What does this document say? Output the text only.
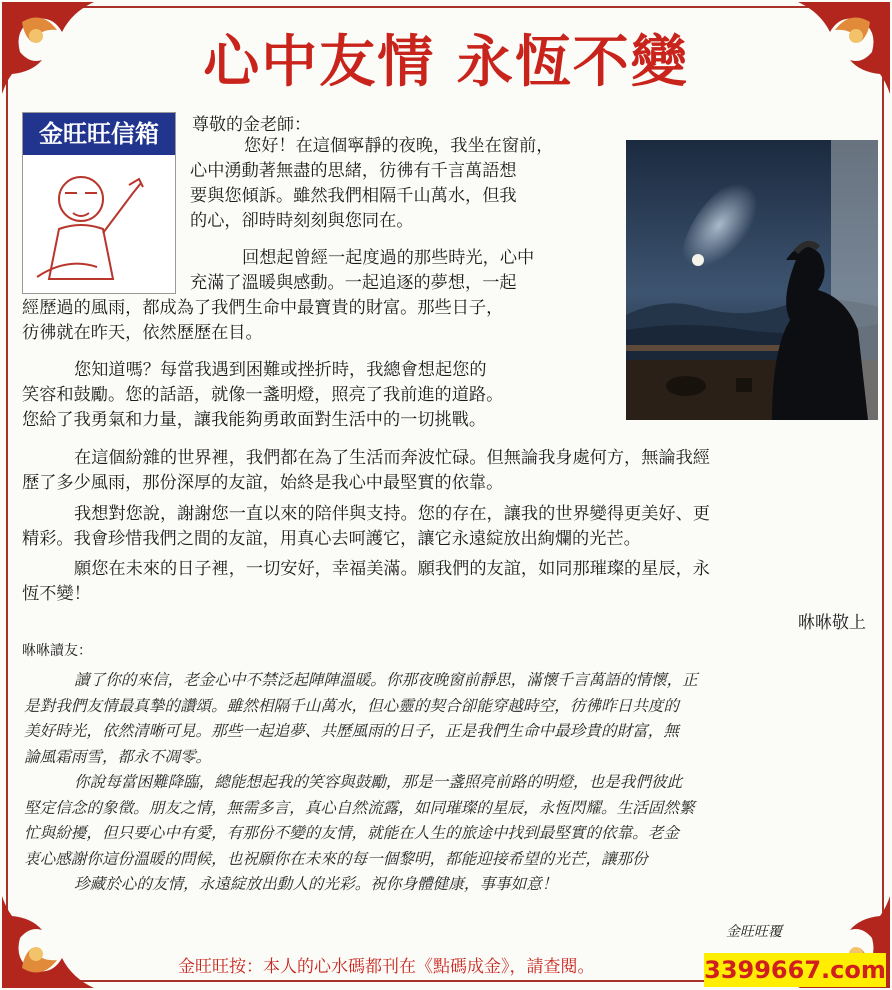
心中友情 永恆不變
金旺旺信箱	尊敬的金老師：
您好！在這個寧靜的夜晚，我坐在窗前，

心中湧動著無盡的思緒，彷彿有千言萬語想

要與您傾訴。雖然我們相隔千山萬水，但我

的心，卻時時刻刻與您同在。

回想起曾經一起度過的那些時光，心中

充滿了溫暖與感動。一起追逐的夢想，一起

經歷過的風雨，都成為了我們生命中最寶貴的財富。那些日子，

彷彿就在昨天，依然歷歷在目。

您知道嗎？每當我遇到困難或挫折時，我總會想起您的

笑容和鼓勵。您的話語，就像一盞明燈，照亮了我前進的道路。

您給了我勇氣和力量，讓我能夠勇敢面對生活中的一切挑戰。

在這個紛雜的世界裡，我們都在為了生活而奔波忙碌。但無論我身處何方，無論我經

歷了多少風雨，那份深厚的友誼，始終是我心中最堅實的依靠。

我想對您說，謝謝您一直以來的陪伴與支持。您的存在，讓我的世界變得更美好、更

精彩。我會珍惜我們之間的友誼，用真心去呵護它，讓它永遠綻放出絢爛的光芒。

願您在未來的日子裡，一切安好，幸福美滿。願我們的友誼，如同那璀璨的星辰，永

恆不變！

咻咻敬上
咻咻讀友：

讀了你的來信，老金心中不禁泛起陣陣溫暖。你那夜晚窗前靜思，滿懷千言萬語的情懷，正

是對我們友情最真摯的讚頌。雖然相隔千山萬水，但心靈的契合卻能穿越時空，彷彿昨日共度的

美好時光，依然清晰可見。那些一起追夢、共歷風雨的日子，正是我們生命中最珍貴的財富，無

論風霜雨雪，都永不凋零。

你說每當困難降臨，總能想起我的笑容與鼓勵，那是一盞照亮前路的明燈，也是我們彼此

堅定信念的象徵。朋友之情，無需多言，真心自然流露，如同璀璨的星辰，永恆閃耀。生活固然繁

忙與紛擾，但只要心中有愛，有那份不變的友情，就能在人生的旅途中找到最堅實的依靠。老金

衷心感謝你這份溫暖的問候，也祝願你在未來的每一個黎明，都能迎接希望的光芒，讓那份

珍藏於心的友情，永遠綻放出動人的光彩。祝你身體健康，事事如意！

金旺旺覆
金旺旺按：本人的心水碼都刊在《點碼成金》，請查閱。	3399667.com
